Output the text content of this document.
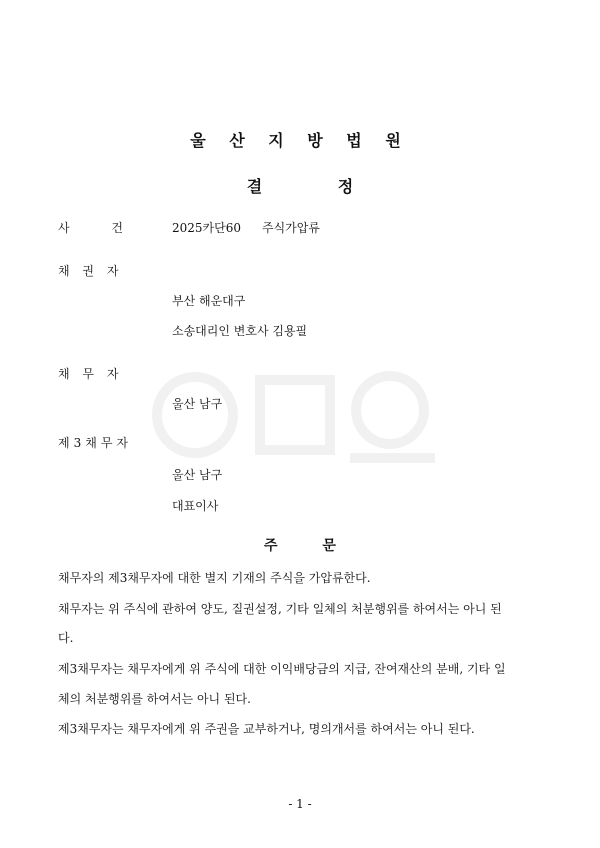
울 산 지 방 법 원
결 정
사 건	2025카단60 주식가압류
채 권 자
부산 해운대구
소송대리인 변호사 김용필
채 무 자
울산 남구
제3채무자
울산 남구
대표이사
주 문
채무자의 제3채무자에 대한 별지 기재의 주식을 가압류한다.
채무자는 위 주식에 관하여 양도, 질권설정, 기타 일체의 처분행위를 하여서는 아니 된
다.
제3채무자는 채무자에게 위 주식에 대한 이익배당금의 지급, 잔여재산의 분배, 기타 일
체의 처분행위를 하여서는 아니 된다.
제3채무자는 채무자에게 위 주권을 교부하거나, 명의개서를 하여서는 아니 된다.
- 1 -
